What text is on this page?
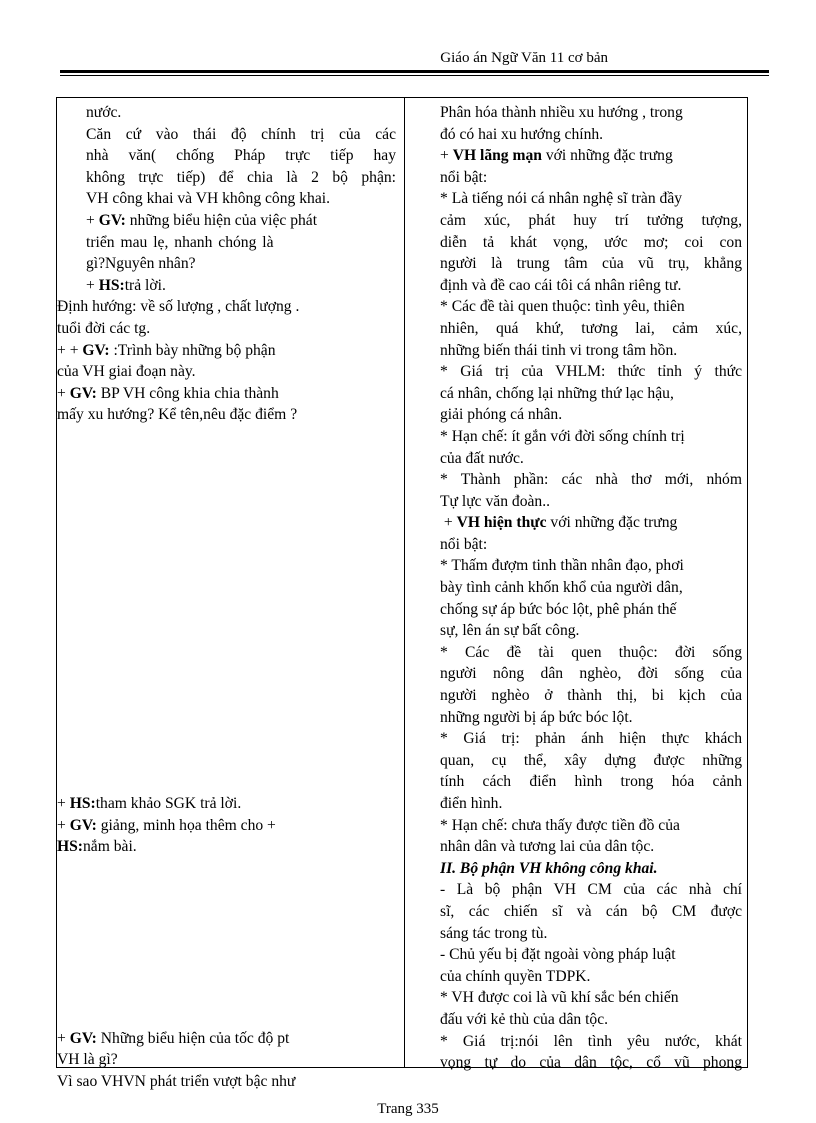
Giáo án Ngữ Văn 11 cơ bản
nước.
Căn cứ vào thái độ chính trị của các
nhà văn( chống Pháp trực tiếp hay
không trực tiếp) để chia là 2 bộ phận:
VH công khai và VH không công khai.
+ GV: những biểu hiện của việc phát
triển mau lẹ, nhanh chóng là
gì?Nguyên nhân?
+ HS:trả lời.
Định hướng: về số lượng , chất lượng .
tuổi đời các tg.
+ + GV: :Trình bày những bộ phận
của VH giai đoạn này.
+ GV: BP VH công khia chia thành
mấy xu hướng? Kể tên,nêu đặc điểm ?
+ HS:tham khảo SGK trả lời.
+ GV: giảng, minh họa thêm cho +
HS:nắm bài.
+ GV: Những biểu hiện của tốc độ pt
VH là gì?
Vì sao VHVN phát triển vượt bậc như
Phân hóa thành nhiều xu hướng , trong
đó có hai xu hướng chính.
+ VH lãng mạn với những đặc trưng
nổi bật:
* Là tiếng nói cá nhân nghệ sĩ tràn đầy
cảm xúc, phát huy trí tưởng tượng,
diễn tả khát vọng, ước mơ; coi con
người là trung tâm của vũ trụ, khẳng
định và đề cao cái tôi cá nhân riêng tư.
* Các đề tài quen thuộc: tình yêu, thiên
nhiên, quá khứ, tương lai, cảm xúc,
những biến thái tinh vi trong tâm hồn.
* Giá trị của VHLM: thức tỉnh ý thức
cá nhân, chống lại những thứ lạc hậu,
giải phóng cá nhân.
* Hạn chế: ít gắn với đời sống chính trị
của đất nước.
* Thành phần: các nhà thơ mới, nhóm
Tự lực văn đoàn..
+ VH hiện thực với những đặc trưng
nổi bật:
* Thấm đượm tinh thần nhân đạo, phơi
bày tình cảnh khốn khổ của người dân,
chống sự áp bức bóc lột, phê phán thế
sự, lên án sự bất công.
* Các đề tài quen thuộc: đời sống
người nông dân nghèo, đời sống của
người nghèo ở thành thị, bi kịch của
những người bị áp bức bóc lột.
* Giá trị: phản ánh hiện thực khách
quan, cụ thể, xây dựng được những
tính cách điển hình trong hóa cảnh
điển hình.
* Hạn chế: chưa thấy được tiền đồ của
nhân dân và tương lai của dân tộc.
II. Bộ phận VH không công khai.
- Là bộ phận VH CM của các nhà chí
sĩ, các chiến sĩ và cán bộ CM được
sáng tác trong tù.
- Chủ yếu bị đặt ngoài vòng pháp luật
của chính quyền TDPK.
* VH được coi là vũ khí sắc bén chiến
đấu với kẻ thù của dân tộc.
* Giá trị:nói lên tình yêu nước, khát
vọng tự do của dân tộc, cổ vũ phong
Trang 335
